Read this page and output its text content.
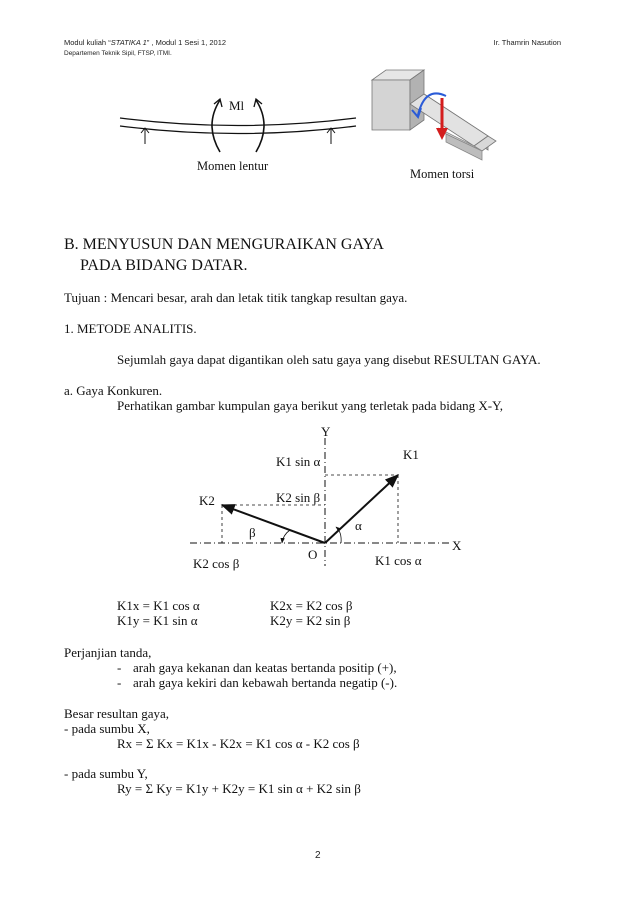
Modul kuliah “STATIKA 1” , Modul 1 Sesi 1, 2012
Departemen Teknik Sipil, FTSP, ITMI.
Ir. Thamrin Nasution
Ml
Momen lentur
Momen torsi
B. MENYUSUN DAN MENGURAIKAN GAYA
PADA BIDANG DATAR.
Tujuan : Mencari besar, arah dan letak titik tangkap resultan gaya.
1. METODE ANALITIS.
Sejumlah gaya dapat digantikan oleh satu gaya yang disebut RESULTAN GAYA.
a. Gaya Konkuren.
Perhatikan gambar kumpulan gaya berikut yang terletak pada bidang X-Y,
Y
X
O
K1
K2
K1 sin α
K2 sin β
K1 cos α
K2 cos β
α
β
K1x = K1 cos α	K2x = K2 cos β
K1y = K1 sin α	K2y = K2 sin β
Perjanjian tanda,
- arah gaya kekanan dan keatas bertanda positip (+),
- arah gaya kekiri dan kebawah bertanda negatip (-).
Besar resultan gaya,
- pada sumbu X,
Rx = Σ Kx = K1x - K2x = K1 cos α - K2 cos β
- pada sumbu Y,
Ry = Σ Ky = K1y + K2y = K1 sin α + K2 sin β
2
